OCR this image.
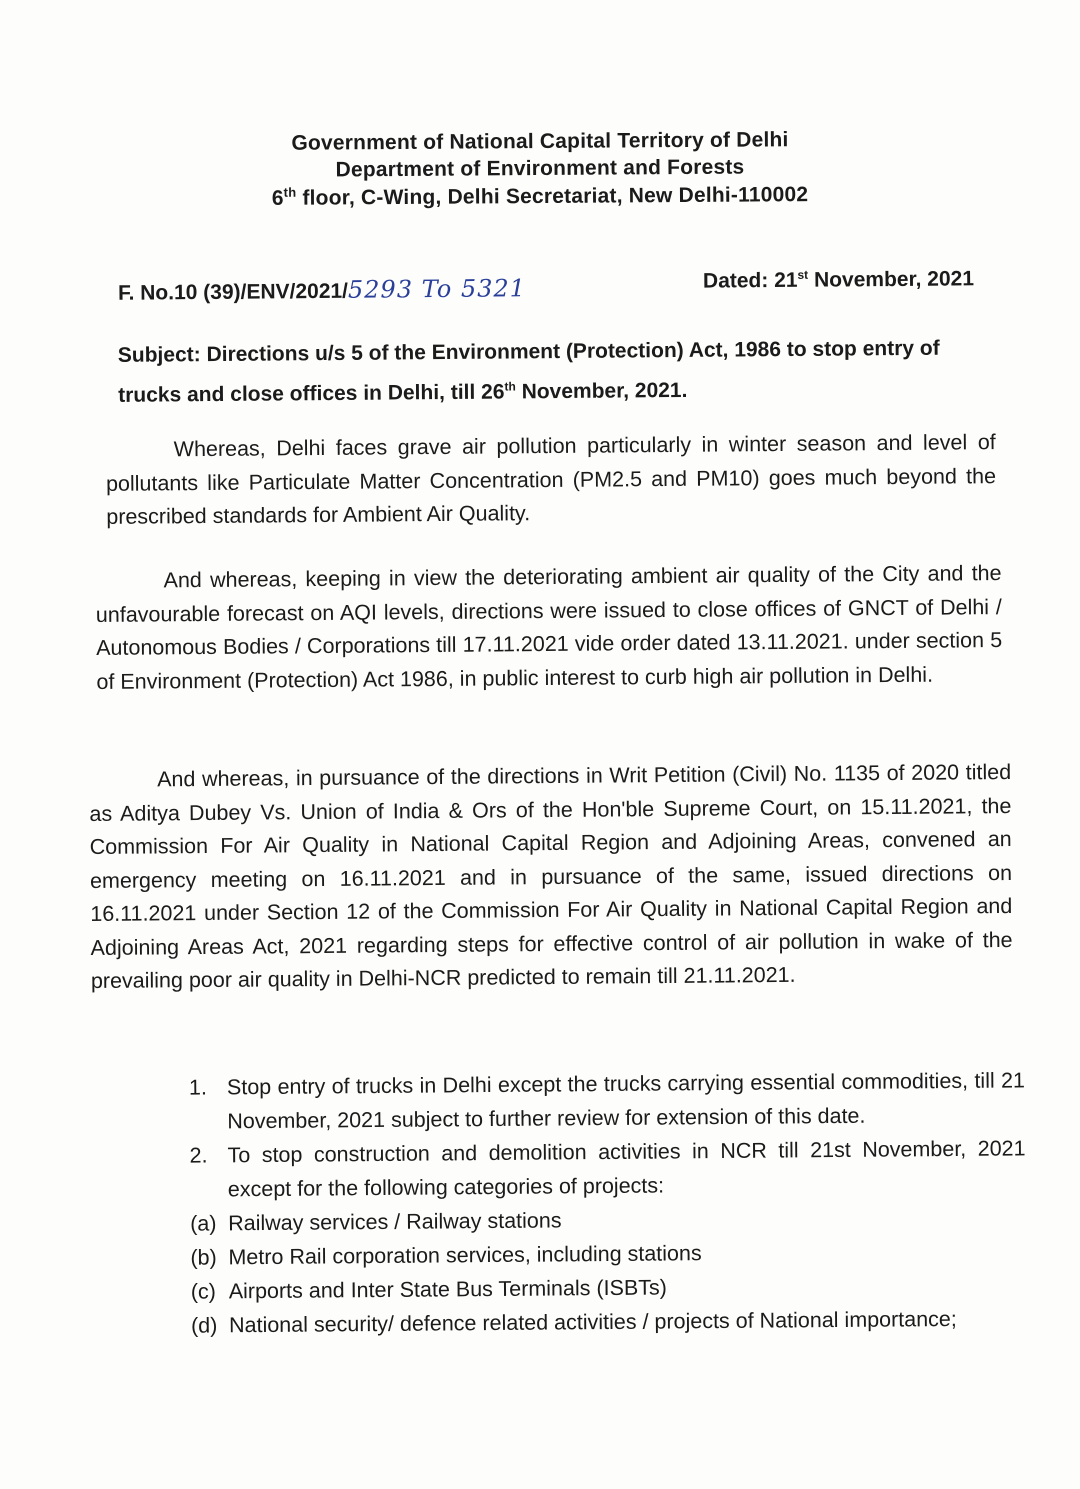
Government of National Capital Territory of Delhi
Department of Environment and Forests
6th floor, C-Wing, Delhi Secretariat, New Delhi-110002
F. No.10 (39)/ENV/2021/5293 To 5321	Dated: 21st November, 2021
Subject: Directions u/s 5 of the Environment (Protection) Act, 1986 to stop entry of trucks and close offices in Delhi, till 26th November, 2021.
Whereas, Delhi faces grave air pollution particularly in winter season and level of pollutants like Particulate Matter Concentration (PM2.5 and PM10) goes much beyond the prescribed standards for Ambient Air Quality.
And whereas, keeping in view the deteriorating ambient air quality of the City and the unfavourable forecast on AQI levels, directions were issued to close offices of GNCT of Delhi / Autonomous Bodies / Corporations till 17.11.2021 vide order dated 13.11.2021. under section 5 of Environment (Protection) Act 1986, in public interest to curb high air pollution in Delhi.
And whereas, in pursuance of the directions in Writ Petition (Civil) No. 1135 of 2020 titled as Aditya Dubey Vs. Union of India & Ors of the Hon'ble Supreme Court, on 15.11.2021, the Commission For Air Quality in National Capital Region and Adjoining Areas, convened an emergency meeting on 16.11.2021 and in pursuance of the same, issued directions on 16.11.2021 under Section 12 of the Commission For Air Quality in National Capital Region and Adjoining Areas Act, 2021 regarding steps for effective control of air pollution in wake of the prevailing poor air quality in Delhi-NCR predicted to remain till 21.11.2021.
1. Stop entry of trucks in Delhi except the trucks carrying essential commodities, till 21 November, 2021 subject to further review for extension of this date.
2. To stop construction and demolition activities in NCR till 21st November, 2021 except for the following categories of projects:
(a) Railway services / Railway stations
(b) Metro Rail corporation services, including stations
(c) Airports and Inter State Bus Terminals (ISBTs)
(d) National security/ defence related activities / projects of National importance;
